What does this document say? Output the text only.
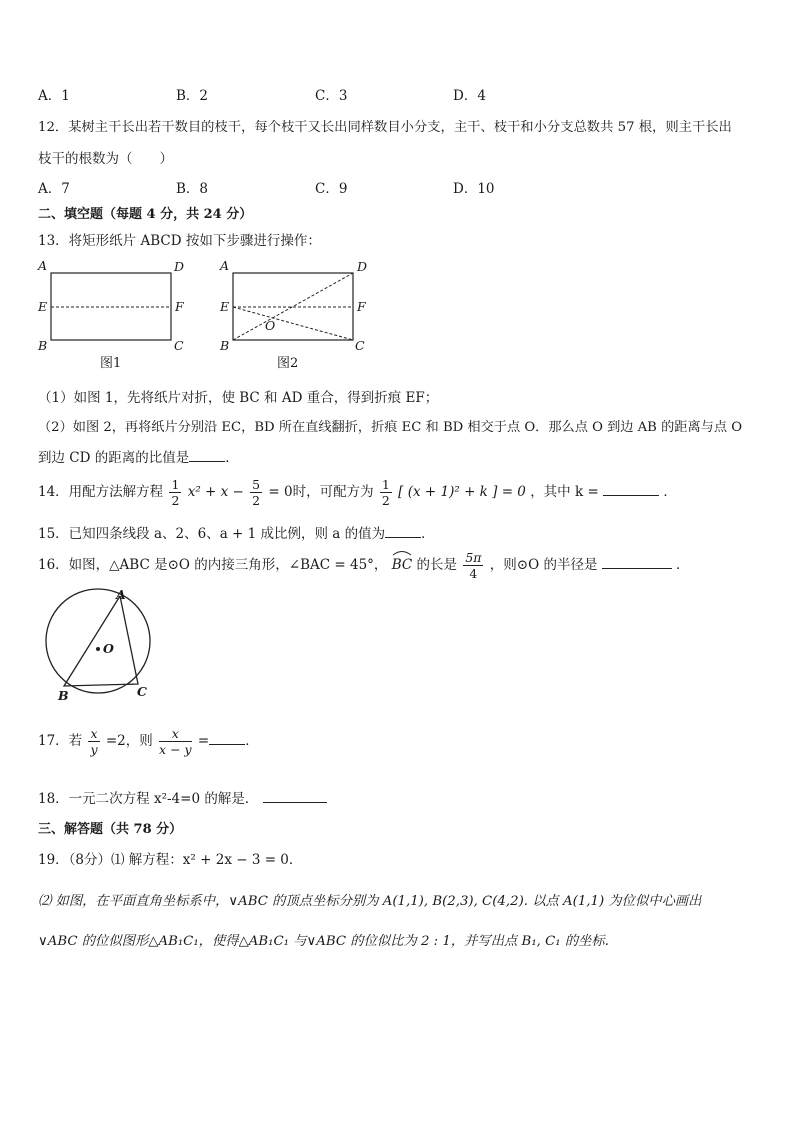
A．1	B．2	C．3	D．4
12．某树主干长出若干数目的枝干，每个枝干又长出同样数目小分支，主干、枝干和小分支总数共 57 根，则主干长出
枝干的根数为（　　）
A．7	B．8	C．9	D．10
二、填空题（每题 4 分，共 24 分）
13．将矩形纸片 ABCD 按如下步骤进行操作：
A	D
E	F
B	C
图1
A	D
E	F
B	C
O
图2
（1）如图 1，先将纸片对折，使 BC 和 AD 重合，得到折痕 EF；
（2）如图 2，再将纸片分别沿 EC，BD 所在直线翻折，折痕 EC 和 BD 相交于点 O．那么点 O 到边 AB 的距离与点 O
到边 CD 的距离的比值是	．
14．用配方法解方程 $\frac{1}{2} x^2 + x - \frac{5}{2} = 0$时，可配方为 $\frac{1}{2}$ [ (x + 1)² + k ] = 0 ，其中 k =	．
15．已知四条线段 a、2、6、a + 1 成比例，则 a 的值为	．
16．如图，△ABC 是⊙O 的内接三角形，∠BAC = 45°， BC 的长是 $\frac{5\pi}{4}$ ，则⊙O 的半径是	．
A
O
B	C
17．若 $\frac{x}{y} =2$，则 $\frac{x}{x - y}$ =	．
18．一元二次方程 x²-4=0 的解是．
三、解答题（共 78 分）
19．（8分）⑴ 解方程：x² + 2x − 3 = 0．
⑵ 如图，在平面直角坐标系中，∨ABC 的顶点坐标分别为 A(1,1), B(2,3), C(4,2). 以点 A(1,1) 为位似中心画出
∨ABC 的位似图形△AB₁C₁，使得△AB₁C₁ 与∨ABC 的位似比为 2 : 1，并写出点 B₁, C₁ 的坐标.
